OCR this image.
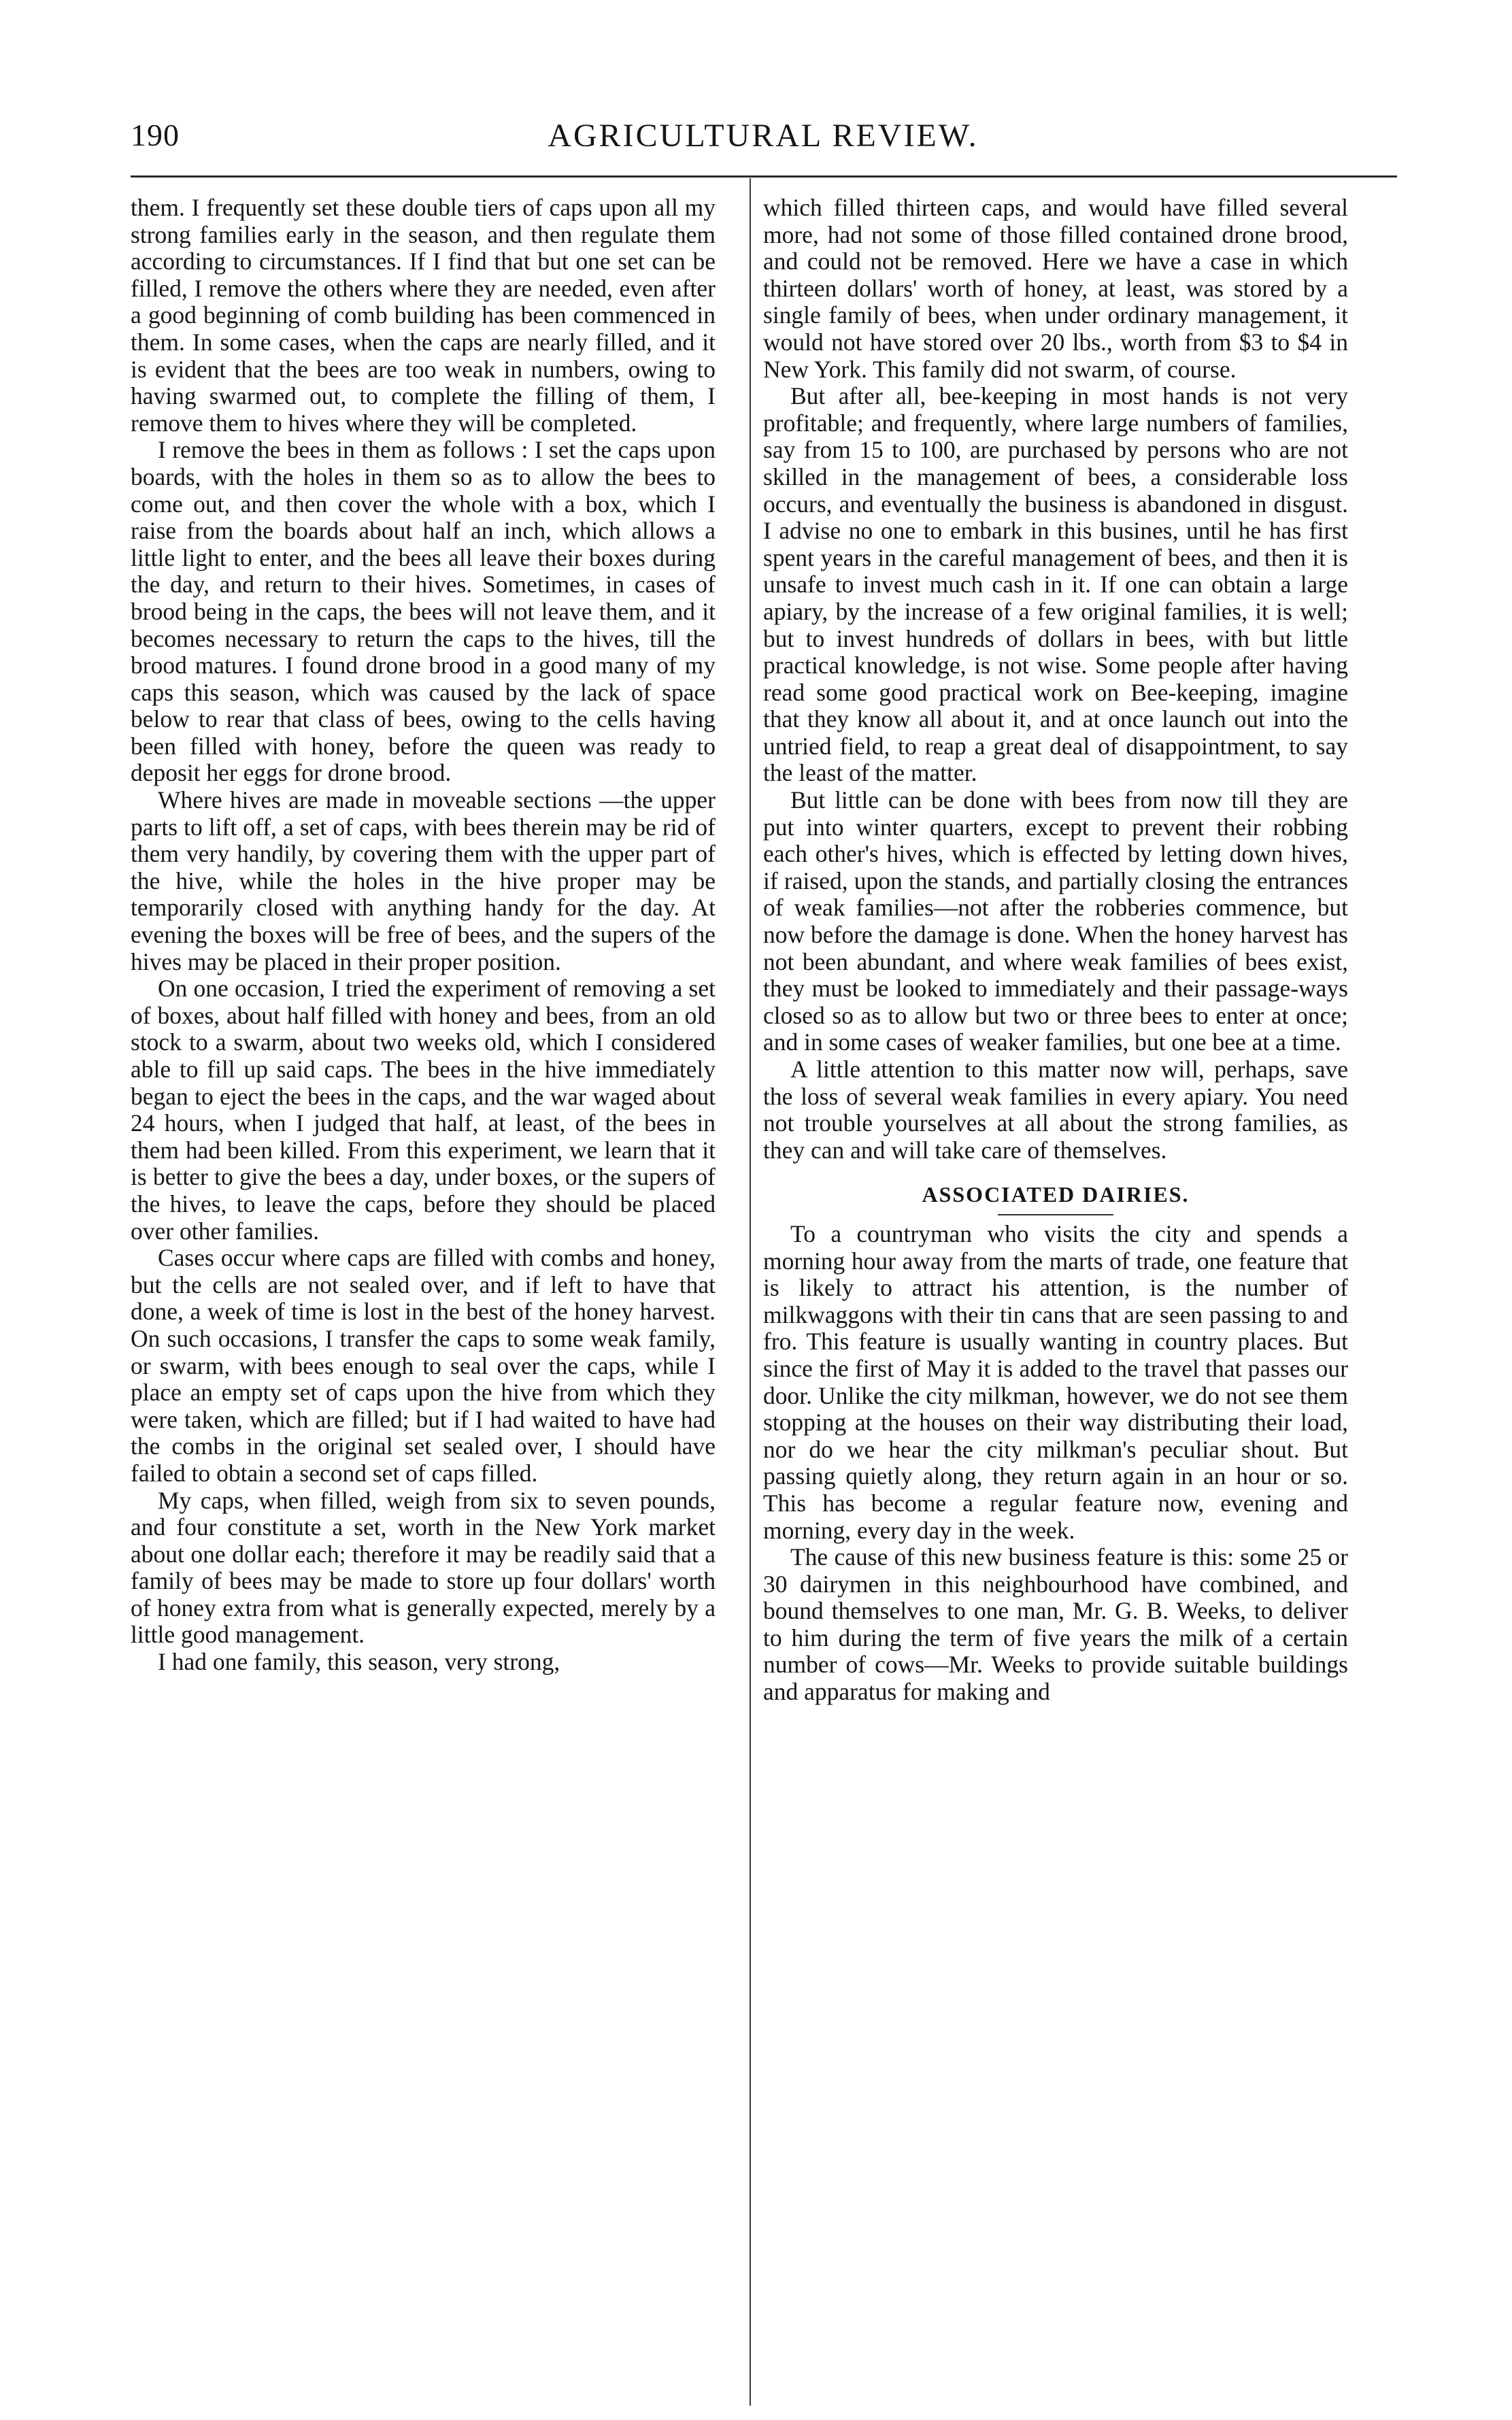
190	AGRICULTURAL REVIEW.

them. I frequently set these double tiers of caps upon all my strong families early in the season, and then regulate them according to circumstances. If I find that but one set can be filled, I remove the others where they are needed, even after a good beginning of comb building has been commenced in them. In some cases, when the caps are nearly filled, and it is evident that the bees are too weak in numbers, owing to having swarmed out, to complete the filling of them, I remove them to hives where they will be completed.

I remove the bees in them as follows : I set the caps upon boards, with the holes in them so as to allow the bees to come out, and then cover the whole with a box, which I raise from the boards about half an inch, which allows a little light to enter, and the bees all leave their boxes during the day, and return to their hives. Sometimes, in cases of brood being in the caps, the bees will not leave them, and it becomes necessary to return the caps to the hives, till the brood matures. I found drone brood in a good many of my caps this season, which was caused by the lack of space below to rear that class of bees, owing to the cells having been filled with honey, before the queen was ready to deposit her eggs for drone brood.

Where hives are made in moveable sections —the upper parts to lift off, a set of caps, with bees therein may be rid of them very handily, by covering them with the upper part of the hive, while the holes in the hive proper may be temporarily closed with anything handy for the day. At evening the boxes will be free of bees, and the supers of the hives may be placed in their proper position.

On one occasion, I tried the experiment of removing a set of boxes, about half filled with honey and bees, from an old stock to a swarm, about two weeks old, which I considered able to fill up said caps. The bees in the hive immediately began to eject the bees in the caps, and the war waged about 24 hours, when I judged that half, at least, of the bees in them had been killed. From this experiment, we learn that it is better to give the bees a day, under boxes, or the supers of the hives, to leave the caps, before they should be placed over other families.

Cases occur where caps are filled with combs and honey, but the cells are not sealed over, and if left to have that done, a week of time is lost in the best of the honey harvest. On such occasions, I transfer the caps to some weak family, or swarm, with bees enough to seal over the caps, while I place an empty set of caps upon the hive from which they were taken, which are filled; but if I had waited to have had the combs in the original set sealed over, I should have failed to obtain a second set of caps filled.

My caps, when filled, weigh from six to seven pounds, and four constitute a set, worth in the New York market about one dollar each; therefore it may be readily said that a family of bees may be made to store up four dollars' worth of honey extra from what is generally expected, merely by a little good management.

I had one family, this season, very strong,

which filled thirteen caps, and would have filled several more, had not some of those filled contained drone brood, and could not be removed. Here we have a case in which thirteen dollars' worth of honey, at least, was stored by a single family of bees, when under ordinary management, it would not have stored over 20 lbs., worth from $3 to $4 in New York. This family did not swarm, of course.

But after all, bee-keeping in most hands is not very profitable; and frequently, where large numbers of families, say from 15 to 100, are purchased by persons who are not skilled in the management of bees, a considerable loss occurs, and eventually the business is abandoned in disgust. I advise no one to embark in this busines, until he has first spent years in the careful management of bees, and then it is unsafe to invest much cash in it. If one can obtain a large apiary, by the increase of a few original families, it is well; but to invest hundreds of dollars in bees, with but little practical knowledge, is not wise. Some people after having read some good practical work on Bee-keeping, imagine that they know all about it, and at once launch out into the untried field, to reap a great deal of disappointment, to say the least of the matter.

But little can be done with bees from now till they are put into winter quarters, except to prevent their robbing each other's hives, which is effected by letting down hives, if raised, upon the stands, and partially closing the entrances of weak families—not after the robberies commence, but now before the damage is done. When the honey harvest has not been abundant, and where weak families of bees exist, they must be looked to immediately and their passage-ways closed so as to allow but two or three bees to enter at once; and in some cases of weaker families, but one bee at a time.

A little attention to this matter now will, perhaps, save the loss of several weak families in every apiary. You need not trouble yourselves at all about the strong families, as they can and will take care of themselves.

ASSOCIATED DAIRIES.

To a countryman who visits the city and spends a morning hour away from the marts of trade, one feature that is likely to attract his attention, is the number of milkwaggons with their tin cans that are seen passing to and fro. This feature is usually wanting in country places. But since the first of May it is added to the travel that passes our door. Unlike the city milkman, however, we do not see them stopping at the houses on their way distributing their load, nor do we hear the city milkman's peculiar shout. But passing quietly along, they return again in an hour or so. This has become a regular feature now, evening and morning, every day in the week.

The cause of this new business feature is this: some 25 or 30 dairymen in this neighbourhood have combined, and bound themselves to one man, Mr. G. B. Weeks, to deliver to him during the term of five years the milk of a certain number of cows—Mr. Weeks to provide suitable buildings and apparatus for making and
